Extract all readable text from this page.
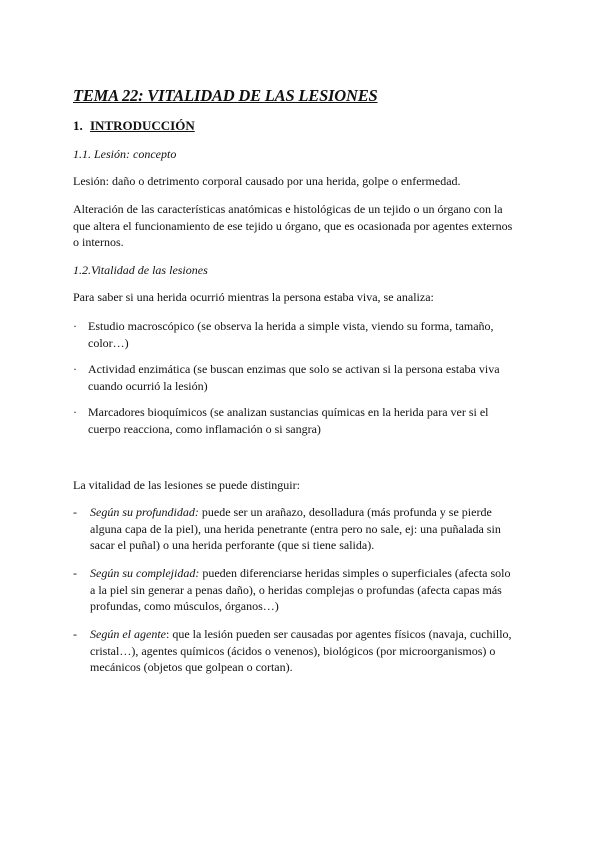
TEMA 22: VITALIDAD DE LAS LESIONES
1. INTRODUCCIÓN
1.1. Lesión: concepto
Lesión: daño o detrimento corporal causado por una herida, golpe o enfermedad.
Alteración de las características anatómicas e histológicas de un tejido o un órgano con la que altera el funcionamiento de ese tejido u órgano, que es ocasionada por agentes externos o internos.
1.2.Vitalidad de las lesiones
Para saber si una herida ocurrió mientras la persona estaba viva, se analiza:
· Estudio macroscópico (se observa la herida a simple vista, viendo su forma, tamaño, color…)
· Actividad enzimática (se buscan enzimas que solo se activan si la persona estaba viva cuando ocurrió la lesión)
· Marcadores bioquímicos (se analizan sustancias químicas en la herida para ver si el cuerpo reacciona, como inflamación o si sangra)
La vitalidad de las lesiones se puede distinguir:
-	Según su profundidad: puede ser un arañazo, desolladura (más profunda y se pierde alguna capa de la piel), una herida penetrante (entra pero no sale, ej: una puñalada sin sacar el puñal) o una herida perforante (que si tiene salida).
-	Según su complejidad: pueden diferenciarse heridas simples o superficiales (afecta solo a la piel sin generar a penas daño), o heridas complejas o profundas (afecta capas más profundas, como músculos, órganos…)
-	Según el agente: que la lesión pueden ser causadas por agentes físicos (navaja, cuchillo, cristal…), agentes químicos (ácidos o venenos), biológicos (por microorganismos) o mecánicos (objetos que golpean o cortan).
